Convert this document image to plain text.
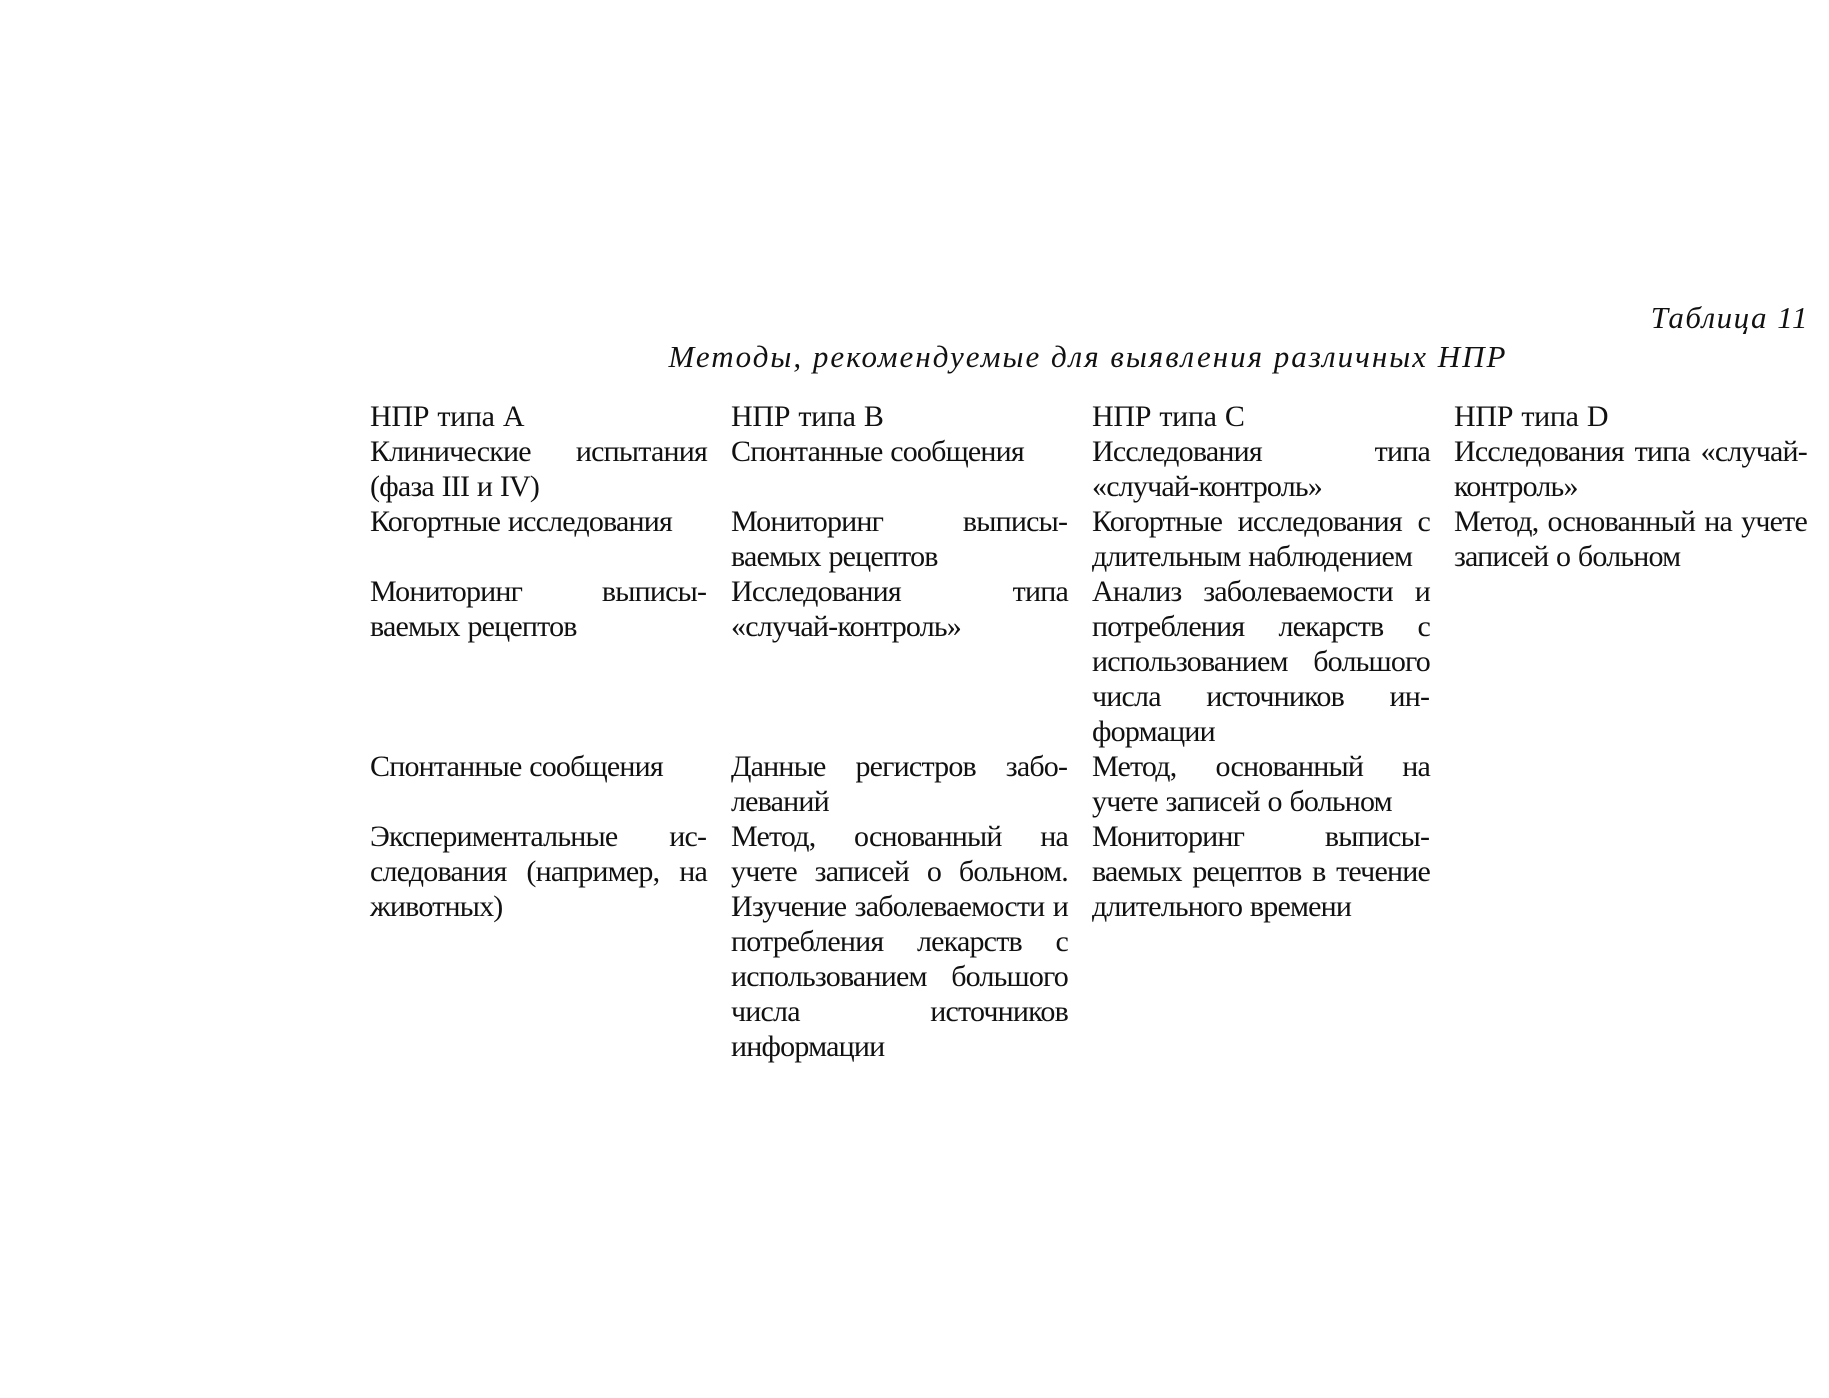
Таблица 11
Методы, рекомендуемые для выявления различных НПР
НПР типа A	НПР типа B	НПР типа C	НПР типа D

Клинические испытания (фаза III и IV)	Спонтанные сообщения	Исследования типа «случай-контроль»	Исследования типа «случай-контроль»

Когортные исследования	Мониторинг выписываемых рецептов	Когортные исследования с длительным наблюдением	Метод, основанный на учете записей о больном

Мониторинг выписываемых рецептов	Исследования типа «случай-контроль»	Анализ заболеваемости и потребления лекарств с использованием большого числа источников информации	

Спонтанные сообщения	Данные регистров заболеваний	Метод, основанный на учете записей о больном	

Экспериментальные исследования (например, на животных)	Метод, основанный на учете записей о больном. Изучение заболеваемости и потребления лекарств с использованием большого числа источников информации	Мониторинг выписываемых рецептов в течение длительного времени	
